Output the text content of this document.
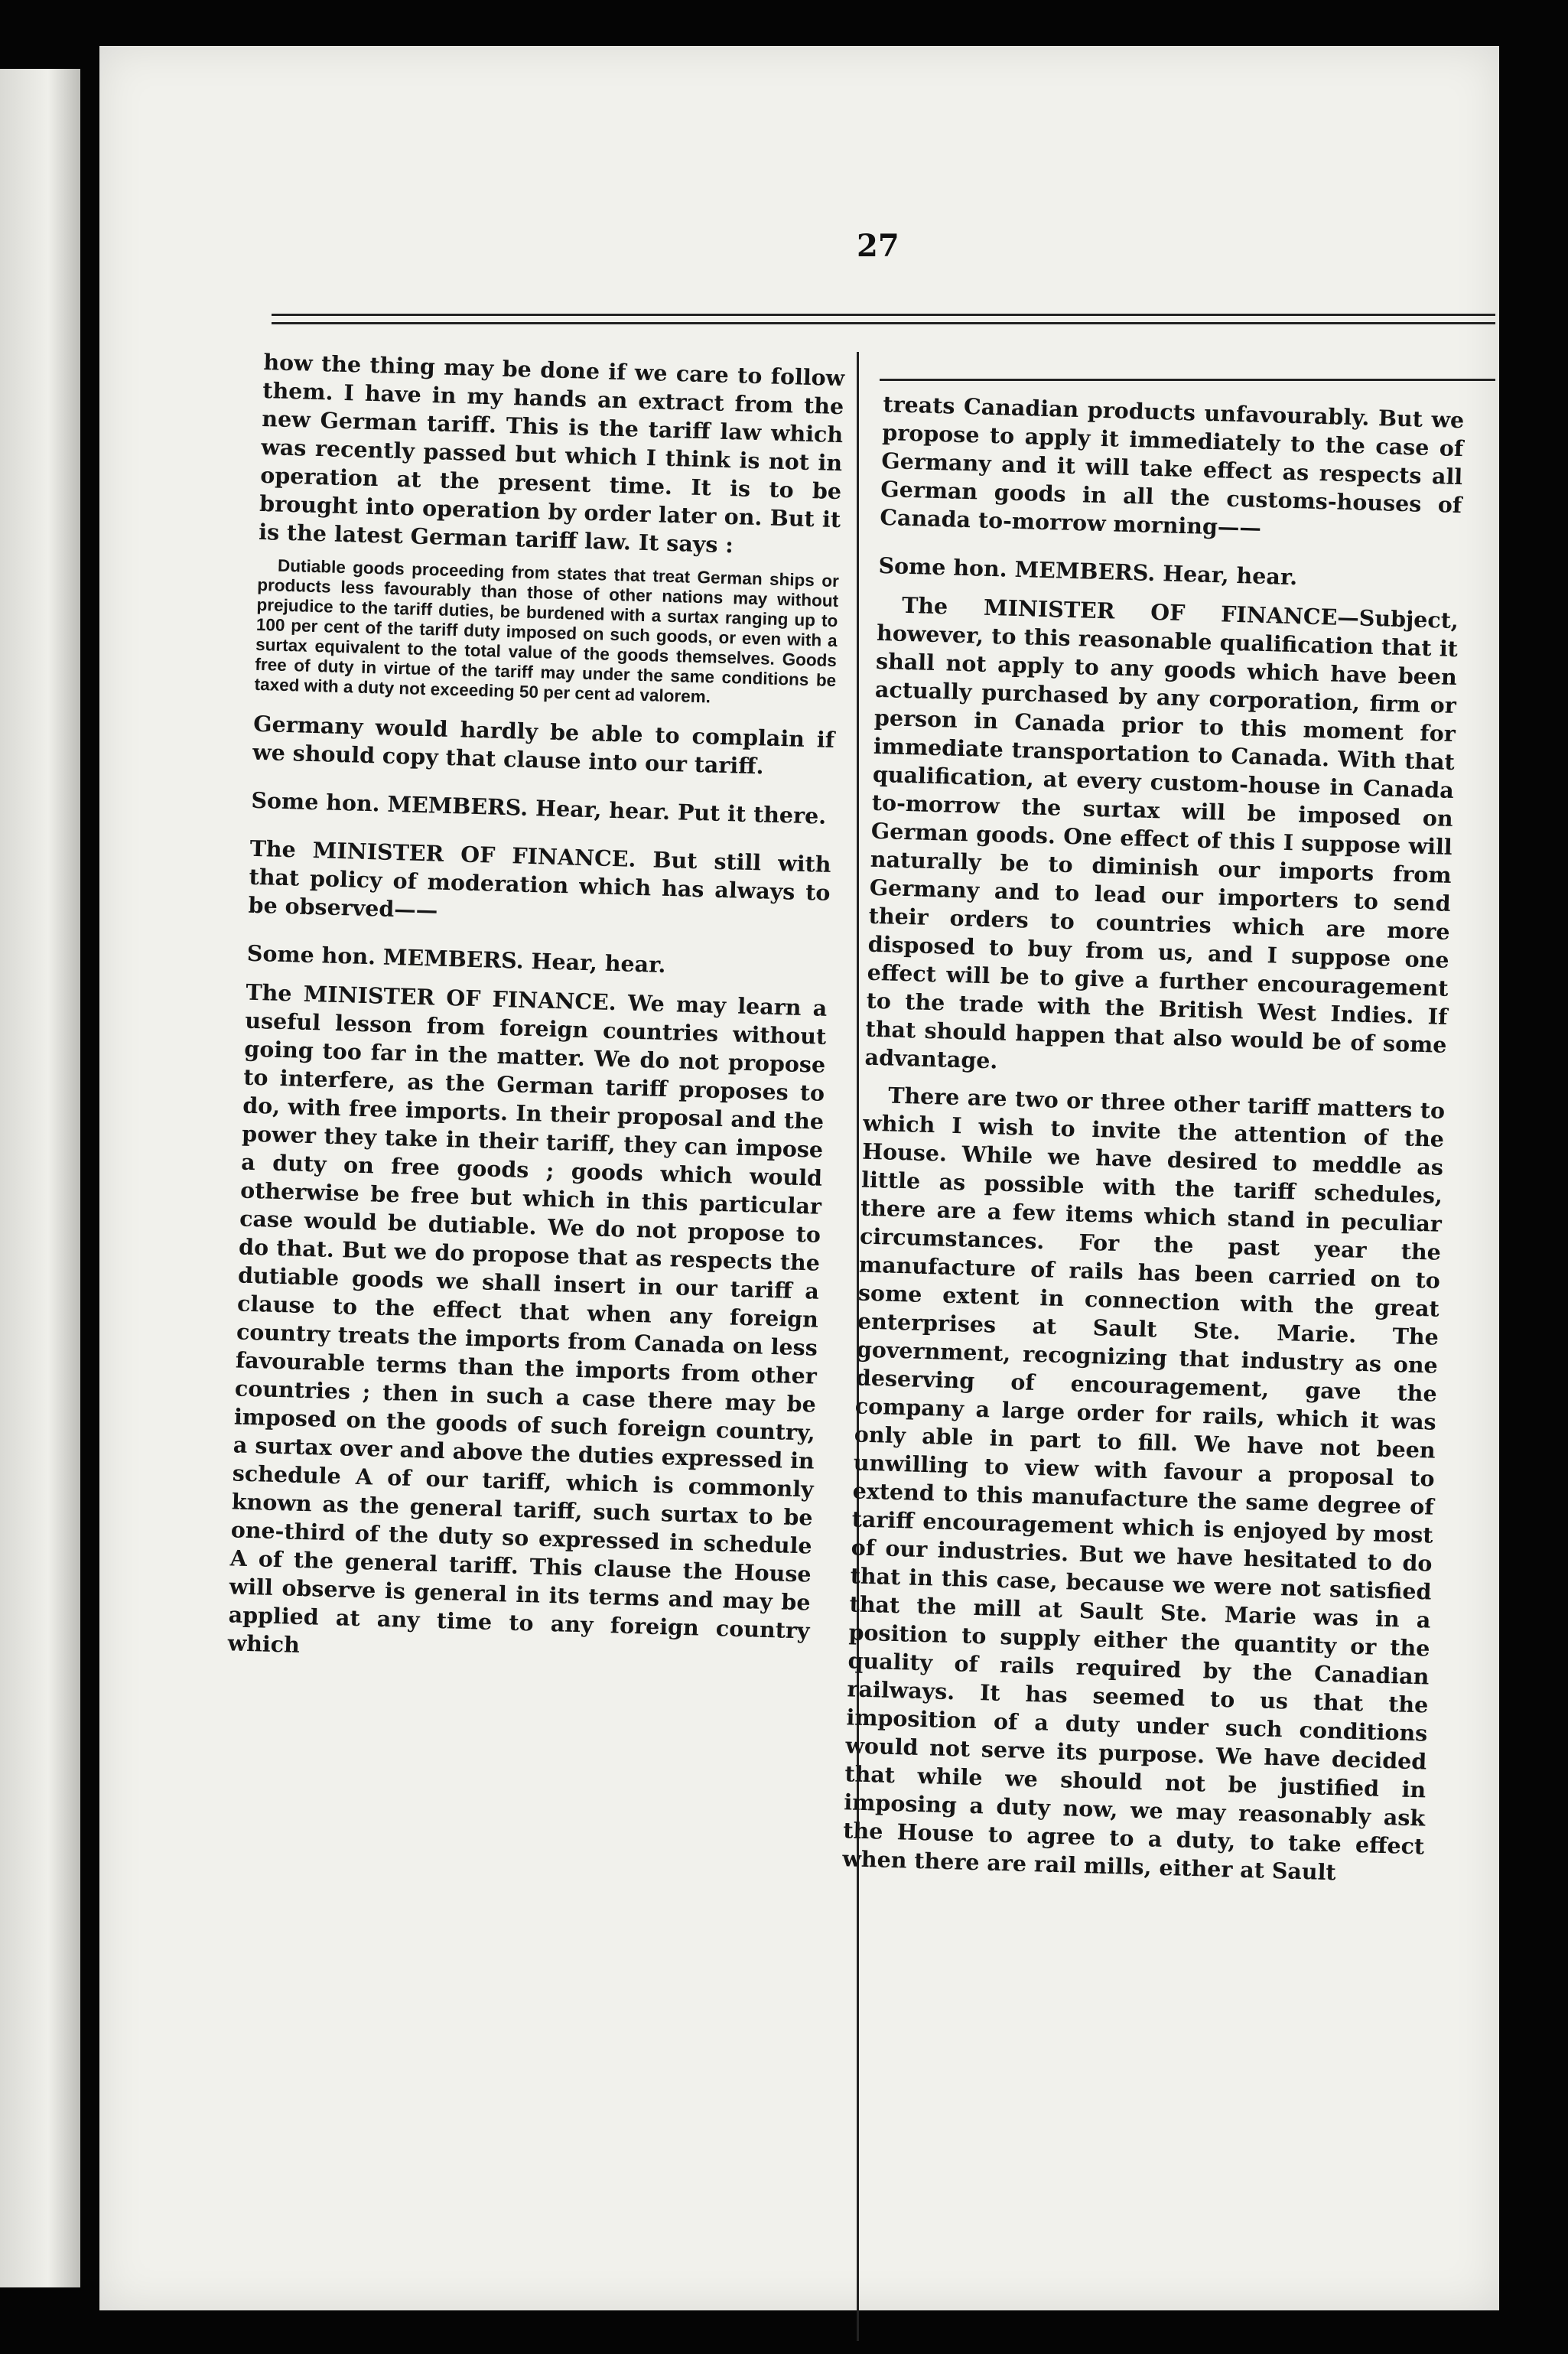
27

how the thing may be done if we care to follow them. I have in my hands an extract from the new German tariff. This is the tariff law which was recently passed but which I think is not in operation at the present time. It is to be brought into operation by order later on. But it is the latest German tariff law. It says :

Dutiable goods proceeding from states that treat German ships or products less favourably than those of other nations may without prejudice to the tariff duties, be burdened with a surtax ranging up to 100 per cent of the tariff duty imposed on such goods, or even with a surtax equivalent to the total value of the goods themselves. Goods free of duty in virtue of the tariff may under the same conditions be taxed with a duty not exceeding 50 per cent ad valorem.

Germany would hardly be able to complain if we should copy that clause into our tariff.

Some hon. MEMBERS. Hear, hear. Put it there.

The MINISTER OF FINANCE. But still with that policy of moderation which has always to be observed——

Some hon. MEMBERS. Hear, hear.

The MINISTER OF FINANCE. We may learn a useful lesson from foreign countries without going too far in the matter. We do not propose to interfere, as the German tariff proposes to do, with free imports. In their proposal and the power they take in their tariff, they can impose a duty on free goods ; goods which would otherwise be free but which in this particular case would be dutiable. We do not propose to do that. But we do propose that as respects the dutiable goods we shall insert in our tariff a clause to the effect that when any foreign country treats the imports from Canada on less favourable terms than the imports from other countries ; then in such a case there may be imposed on the goods of such foreign country, a surtax over and above the duties expressed in schedule A of our tariff, which is commonly known as the general tariff, such surtax to be one-third of the duty so expressed in schedule A of the general tariff. This clause the House will observe is general in its terms and may be applied at any time to any foreign country which

treats Canadian products unfavourably. But we propose to apply it immediately to the case of Germany and it will take effect as respects all German goods in all the customs-houses of Canada to-morrow morning——

Some hon. MEMBERS. Hear, hear.

The MINISTER OF FINANCE—Subject, however, to this reasonable qualification that it shall not apply to any goods which have been actually purchased by any corporation, firm or person in Canada prior to this moment for immediate transportation to Canada. With that qualification, at every custom-house in Canada to-morrow the surtax will be imposed on German goods. One effect of this I suppose will naturally be to diminish our imports from Germany and to lead our importers to send their orders to countries which are more disposed to buy from us, and I suppose one effect will be to give a further encouragement to the trade with the British West Indies. If that should happen that also would be of some advantage.

There are two or three other tariff matters to which I wish to invite the attention of the House. While we have desired to meddle as little as possible with the tariff schedules, there are a few items which stand in peculiar circumstances. For the past year the manufacture of rails has been carried on to some extent in connection with the great enterprises at Sault Ste. Marie. The government, recognizing that industry as one deserving of encouragement, gave the company a large order for rails, which it was only able in part to fill. We have not been unwilling to view with favour a proposal to extend to this manufacture the same degree of tariff encouragement which is enjoyed by most of our industries. But we have hesitated to do that in this case, because we were not satisfied that the mill at Sault Ste. Marie was in a position to supply either the quantity or the quality of rails required by the Canadian railways. It has seemed to us that the imposition of a duty under such conditions would not serve its purpose. We have decided that while we should not be justified in imposing a duty now, we may reasonably ask the House to agree to a duty, to take effect when there are rail mills, either at Sault
